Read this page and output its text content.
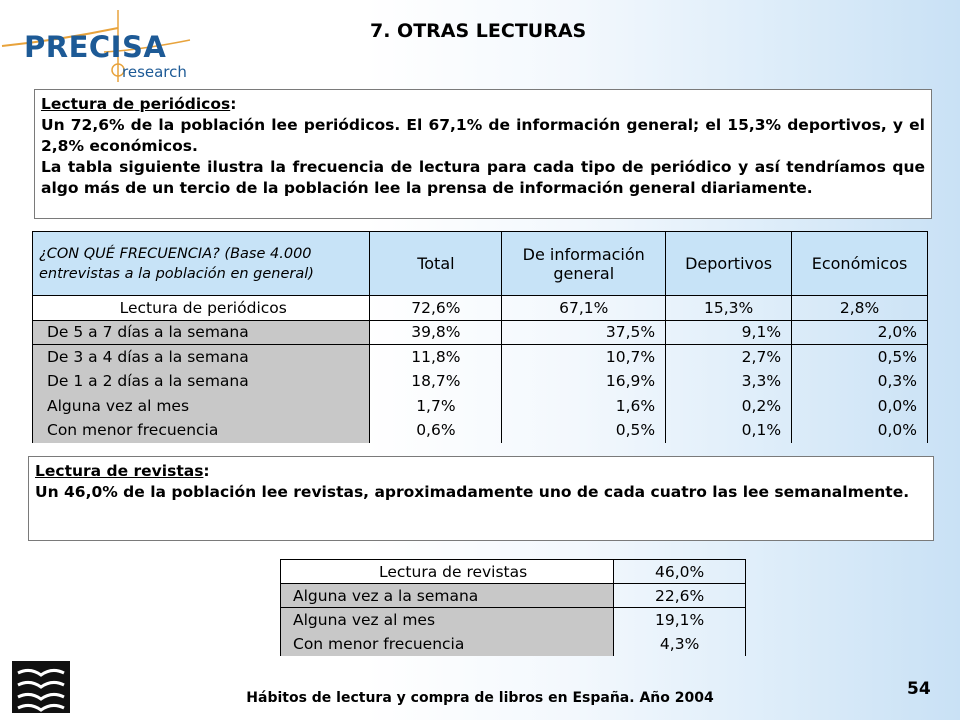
PRECISA
research
7. OTRAS LECTURAS

Lectura de periódicos:

Un 72,6% de la población lee periódicos. El 67,1% de información general; el 15,3% deportivos, y el 2,8% económicos.

La tabla siguiente ilustra la frecuencia de lectura para cada tipo de periódico y así tendríamos que algo más de un tercio de la población lee la prensa de información general diariamente.

¿CON QUÉ FRECUENCIA? (Base 4.000 entrevistas a la población en general)	Total	De información general	Deportivos	Económicos
Lectura de periódicos	72,6%	67,1%	15,3%	2,8%
De 5 a 7 días a la semana	39,8%	37,5%	9,1%	2,0%
De 3 a 4 días a la semana	11,8%	10,7%	2,7%	0,5%
De 1 a 2 días a la semana	18,7%	16,9%	3,3%	0,3%
Alguna vez al mes	1,7%	1,6%	0,2%	0,0%
Con menor frecuencia	0,6%	0,5%	0,1%	0,0%

Lectura de revistas:

Un 46,0% de la población lee revistas, aproximadamente uno de cada cuatro las lee semanalmente.

Lectura de revistas	46,0%
Alguna vez a la semana	22,6%
Alguna vez al mes	19,1%
Con menor frecuencia	4,3%
Hábitos de lectura y compra de libros en España. Año 2004	54
